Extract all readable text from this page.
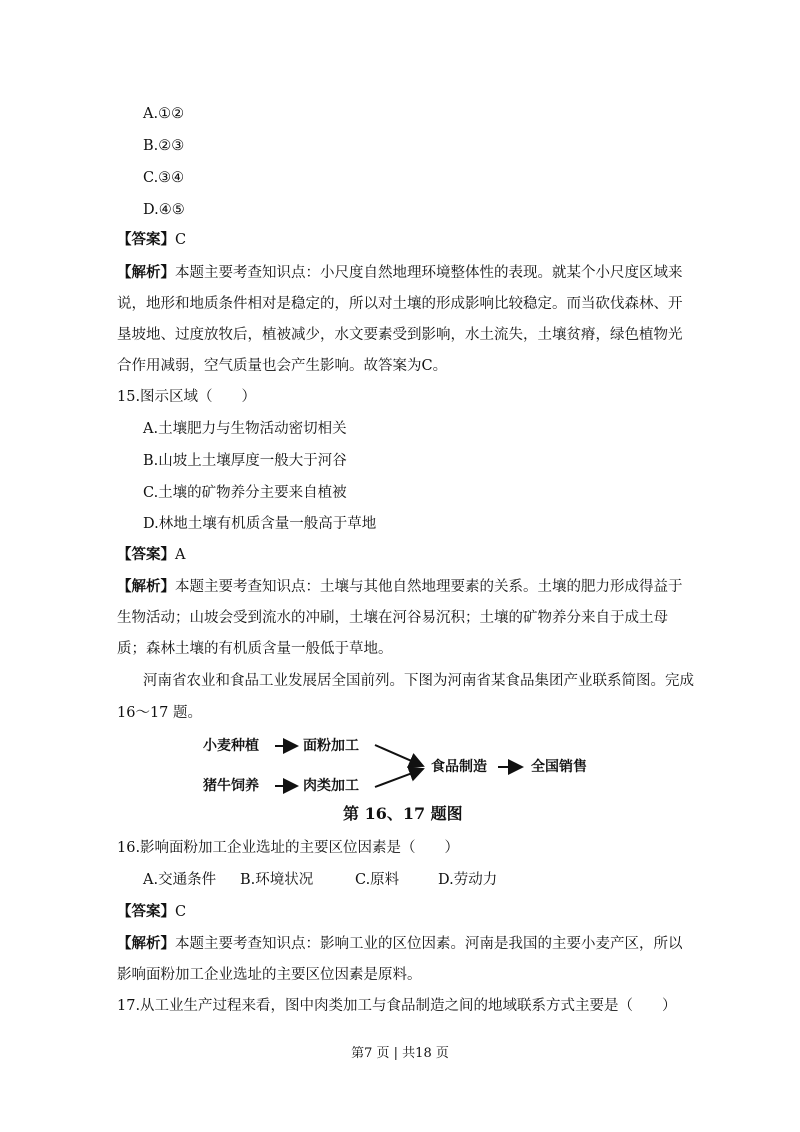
A.①②
B.②③
C.③④
D.④⑤
【答案】C
【解析】本题主要考查知识点：小尺度自然地理环境整体性的表现。就某个小尺度区域来
说，地形和地质条件相对是稳定的，所以对土壤的形成影响比较稳定。而当砍伐森林、开
垦坡地、过度放牧后，植被减少，水文要素受到影响，水土流失，土壤贫瘠，绿色植物光
合作用减弱，空气质量也会产生影响。故答案为C。
15.图示区域（　　）
A.土壤肥力与生物活动密切相关
B.山坡上土壤厚度一般大于河谷
C.土壤的矿物养分主要来自植被
D.林地土壤有机质含量一般高于草地
【答案】A
【解析】本题主要考查知识点：土壤与其他自然地理要素的关系。土壤的肥力形成得益于
生物活动；山坡会受到流水的冲刷，土壤在河谷易沉积；土壤的矿物养分来自于成土母
质；森林土壤的有机质含量一般低于草地。
河南省农业和食品工业发展居全国前列。下图为河南省某食品集团产业联系简图。完成
16～17 题。
小麦种植	面粉加工
猪牛饲养	肉类加工
食品制造	全国销售
第 16、17 题图
16.影响面粉加工企业选址的主要区位因素是（　　）
A.交通条件 B.环境状况	C.原料	D.劳动力
【答案】C
【解析】本题主要考查知识点：影响工业的区位因素。河南是我国的主要小麦产区，所以
影响面粉加工企业选址的主要区位因素是原料。
17.从工业生产过程来看，图中肉类加工与食品制造之间的地域联系方式主要是（　　）
第7 页 | 共18 页
